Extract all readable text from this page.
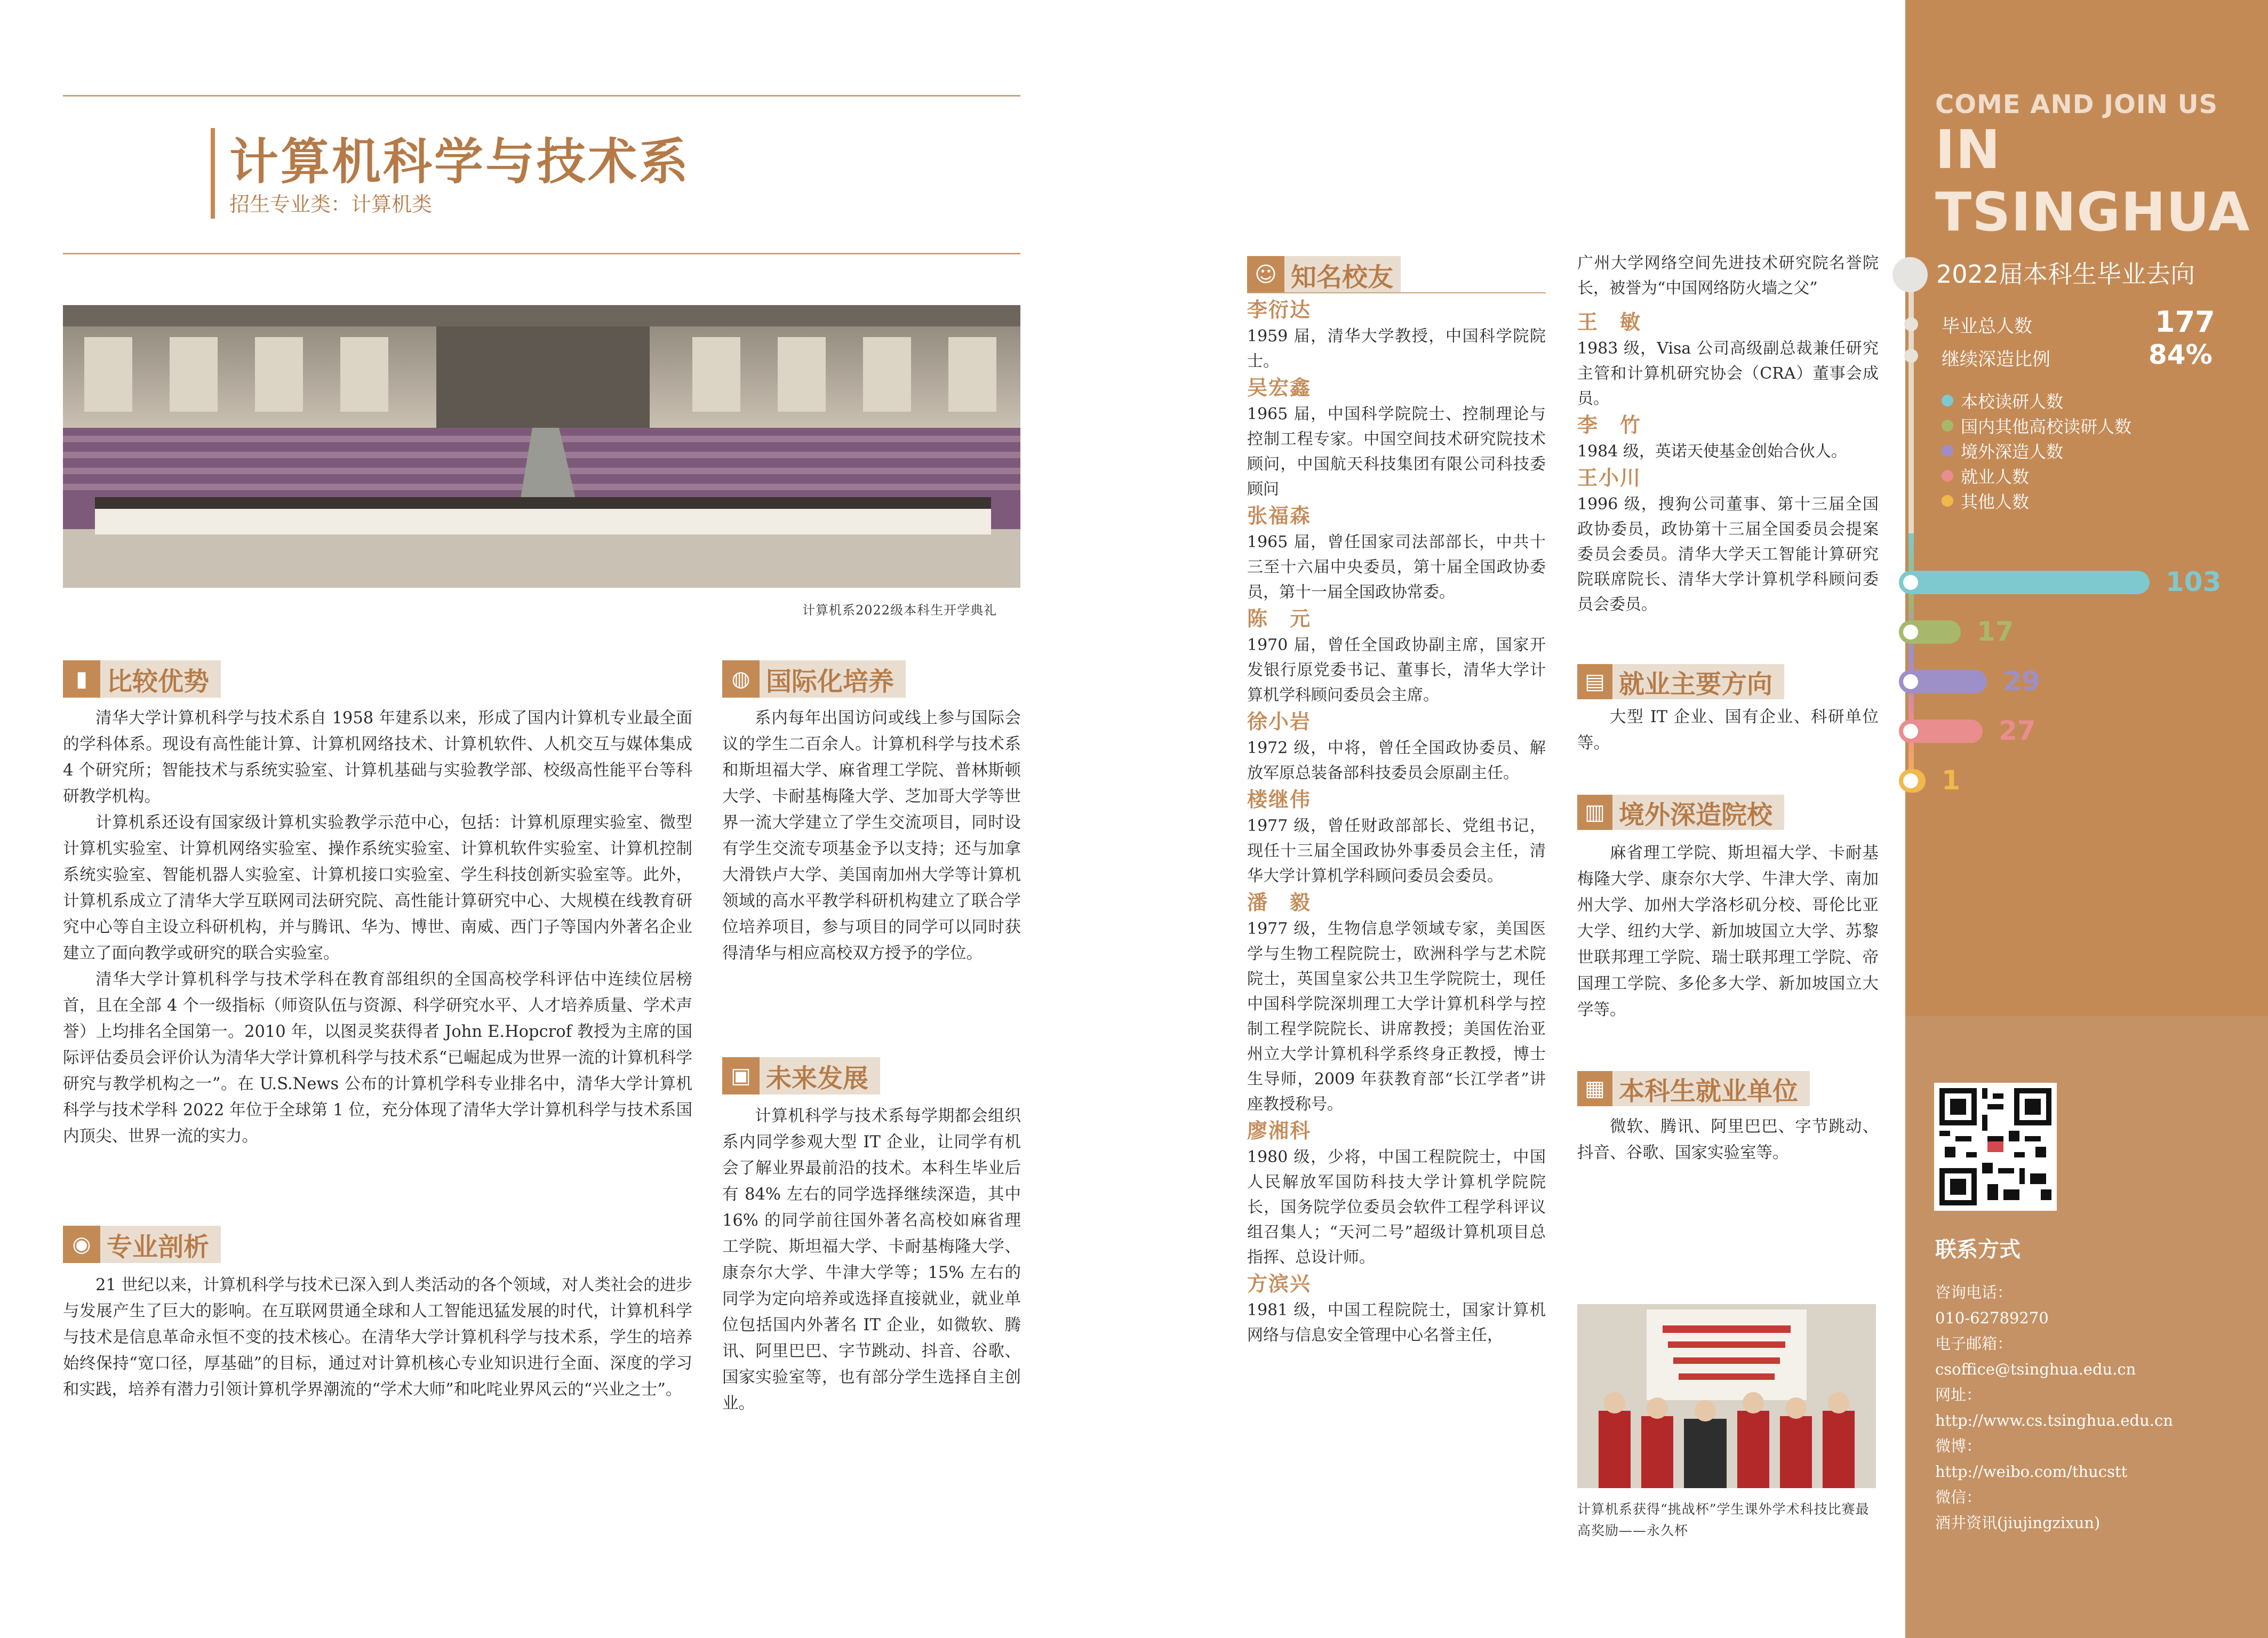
计算机科学与技术系
招生专业类：计算机类
计算机系2022级本科生开学典礼
▮ 比较优势

清华大学计算机科学与技术系自 1958 年建系以来，形成了国内计算机专业最全面的学科体系。现设有高性能计算、计算机网络技术、计算机软件、人机交互与媒体集成 4 个研究所；智能技术与系统实验室、计算机基础与实验教学部、校级高性能平台等科研教学机构。

计算机系还设有国家级计算机实验教学示范中心，包括：计算机原理实验室、微型计算机实验室、计算机网络实验室、操作系统实验室、计算机软件实验室、计算机控制系统实验室、智能机器人实验室、计算机接口实验室、学生科技创新实验室等。此外，计算机系成立了清华大学互联网司法研究院、高性能计算研究中心、大规模在线教育研究中心等自主设立科研机构，并与腾讯、华为、博世、南威、西门子等国内外著名企业建立了面向教学或研究的联合实验室。

清华大学计算机科学与技术学科在教育部组织的全国高校学科评估中连续位居榜首，且在全部 4 个一级指标（师资队伍与资源、科学研究水平、人才培养质量、学术声誉）上均排名全国第一。2010 年，以图灵奖获得者 John E.Hopcrof 教授为主席的国际评估委员会评价认为清华大学计算机科学与技术系“已崛起成为世界一流的计算机科学研究与教学机构之一”。在 U.S.News 公布的计算机学科专业排名中，清华大学计算机科学与技术学科 2022 年位于全球第 1 位，充分体现了清华大学计算机科学与技术系国内顶尖、世界一流的实力。

◉ 专业剖析

21 世纪以来，计算机科学与技术已深入到人类活动的各个领域，对人类社会的进步与发展产生了巨大的影响。在互联网贯通全球和人工智能迅猛发展的时代，计算机科学与技术是信息革命永恒不变的技术核心。在清华大学计算机科学与技术系，学生的培养始终保持“宽口径，厚基础”的目标，通过对计算机核心专业知识进行全面、深度的学习和实践，培养有潜力引领计算机学界潮流的“学术大师”和叱咤业界风云的“兴业之士”。

◍ 国际化培养

系内每年出国访问或线上参与国际会议的学生二百余人。计算机科学与技术系和斯坦福大学、麻省理工学院、普林斯顿大学、卡耐基梅隆大学、芝加哥大学等世界一流大学建立了学生交流项目，同时设有学生交流专项基金予以支持；还与加拿大滑铁卢大学、美国南加州大学等计算机领域的高水平教学科研机构建立了联合学位培养项目，参与项目的同学可以同时获得清华与相应高校双方授予的学位。

▣ 未来发展

计算机科学与技术系每学期都会组织系内同学参观大型 IT 企业，让同学有机会了解业界最前沿的技术。本科生毕业后有 84% 左右的同学选择继续深造，其中 16% 的同学前往国外著名高校如麻省理工学院、斯坦福大学、卡耐基梅隆大学、康奈尔大学、牛津大学等；15% 左右的同学为定向培养或选择直接就业，就业单位包括国内外著名 IT 企业，如微软、腾讯、阿里巴巴、字节跳动、抖音、谷歌、国家实验室等，也有部分学生选择自主创业。

☺ 知名校友
李衍达
1959 届，清华大学教授，中国科学院院士。
吴宏鑫
1965 届，中国科学院院士、控制理论与控制工程专家。中国空间技术研究院技术顾问，中国航天科技集团有限公司科技委顾问
张福森
1965 届，曾任国家司法部部长，中共十三至十六届中央委员，第十届全国政协委员，第十一届全国政协常委。
陈　元
1970 届，曾任全国政协副主席，国家开发银行原党委书记、董事长，清华大学计算机学科顾问委员会主席。
徐小岩
1972 级，中将，曾任全国政协委员、解放军原总装备部科技委员会原副主任。
楼继伟
1977 级，曾任财政部部长、党组书记，现任十三届全国政协外事委员会主任，清华大学计算机学科顾问委员会委员。
潘　毅
1977 级，生物信息学领域专家，美国医学与生物工程院院士，欧洲科学与艺术院院士，英国皇家公共卫生学院院士，现任中国科学院深圳理工大学计算机科学与控制工程学院院长、讲席教授；美国佐治亚州立大学计算机科学系终身正教授，博士生导师，2009 年获教育部“长江学者”讲座教授称号。
廖湘科
1980 级，少将，中国工程院院士，中国人民解放军国防科技大学计算机学院院长，国务院学位委员会软件工程学科评议组召集人；“天河二号”超级计算机项目总指挥、总设计师。
方滨兴
1981 级，中国工程院院士，国家计算机网络与信息安全管理中心名誉主任，
广州大学网络空间先进技术研究院名誉院长，被誉为“中国网络防火墙之父”
王　敏
1983 级，Visa 公司高级副总裁兼任研究主管和计算机研究协会（CRA）董事会成员。
李　竹
1984 级，英诺天使基金创始合伙人。
王小川
1996 级，搜狗公司董事、第十三届全国政协委员，政协第十三届全国委员会提案委员会委员。清华大学天工智能计算研究院联席院长、清华大学计算机学科顾问委员会委员。
▤ 就业主要方向

大型 IT 企业、国有企业、科研单位等。

▥ 境外深造院校

麻省理工学院、斯坦福大学、卡耐基梅隆大学、康奈尔大学、牛津大学、南加州大学、加州大学洛杉矶分校、哥伦比亚大学、纽约大学、新加坡国立大学、苏黎世联邦理工学院、瑞士联邦理工学院、帝国理工学院、多伦多大学、新加坡国立大学等。

▦ 本科生就业单位

微软、腾讯、阿里巴巴、字节跳动、抖音、谷歌、国家实验室等。

计算机系获得“挑战杯”学生课外学术科技比赛最高奖励——永久杯
COME AND JOIN US
IN TSINGHUA
2022届本科生毕业去向
毕业总人数	177
继续深造比例	84%
本校读研人数
国内其他高校读研人数
境外深造人数
就业人数
其他人数
103
17
29
27
1
联系方式
咨询电话：
010-62789270
电子邮箱：
csoffice@tsinghua.edu.cn
网址：
http://www.cs.tsinghua.edu.cn
微博：
http://weibo.com/thucstt
微信：
酒井资讯(jiujingzixun)
